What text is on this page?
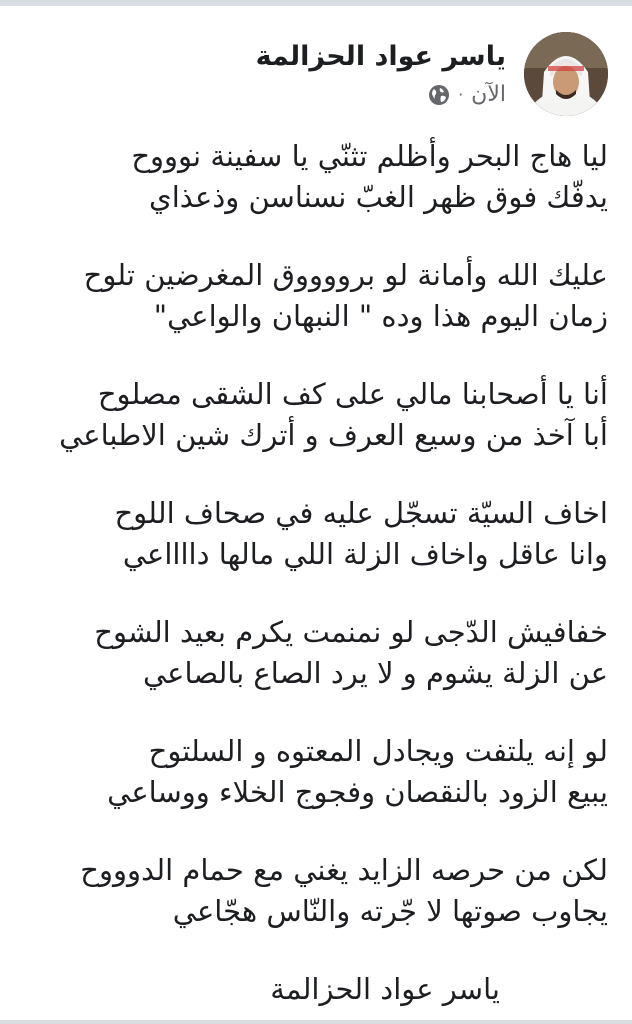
ياسر عواد الحزالمة
الآن
·
ليا هاج البحر وأظلم تثنّي يا سفينة نوووح
يدفّك فوق ظهر الغبّ نسناسن وذعذاي
عليك الله وأمانة لو برووووق المغرضين تلوح
زمان اليوم هذا وده " النبهان والواعي"
أنا يا أصحابنا مالي على كف الشقى مصلوح
أبا آخذ من وسيع العرف و أترك شين الاطباعي
اخاف السيّة تسجّل عليه في صحاف اللوح
وانا عاقل واخاف الزلة اللي مالها دااااعي
خفافيش الدّجى لو نمنمت يكرم بعيد الشوح
عن الزلة يشوم و لا يرد الصاع بالصاعي
لو إنه يلتفت ويجادل المعتوه و السلتوح
يبيع الزود بالنقصان وفجوج الخلاء ووساعي
لكن من حرصه الزايد يغني مع حمام الدوووح
يجاوب صوتها لا جّرته والنّاس هجّاعي
ياسر عواد الحزالمة
